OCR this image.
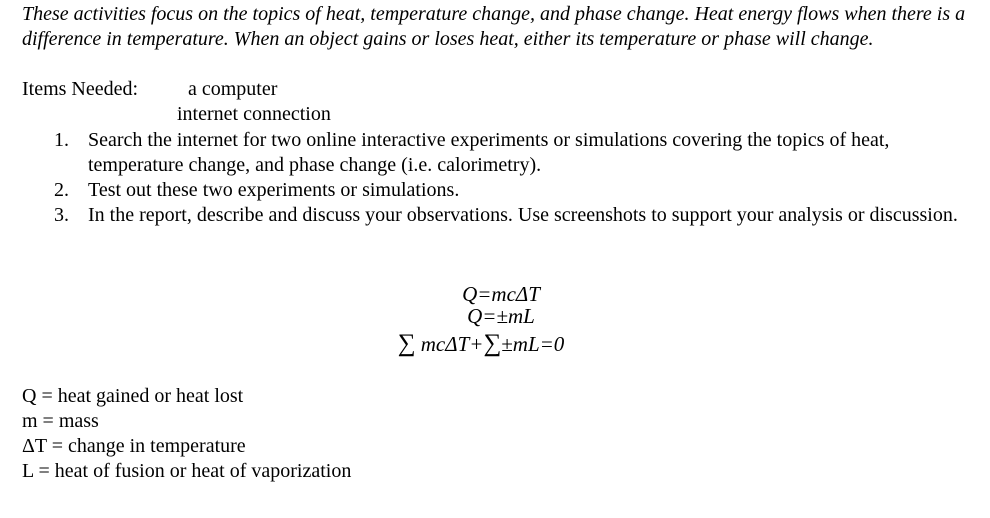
These activities focus on the topics of heat, temperature change, and phase change. Heat energy flows when there is a difference in temperature. When an object gains or loses heat, either its temperature or phase will change.
Items Needed: a computer
internet connection
1. Search the internet for two online interactive experiments or simulations covering the topics of heat, temperature change, and phase change (i.e. calorimetry).
2. Test out these two experiments or simulations.
3. In the report, describe and discuss your observations. Use screenshots to support your analysis or discussion.
Q=mcΔT
Q=±mL
∑ mcΔT+∑±mL=0
Q = heat gained or heat lost
m = mass
ΔT = change in temperature
L = heat of fusion or heat of vaporization
